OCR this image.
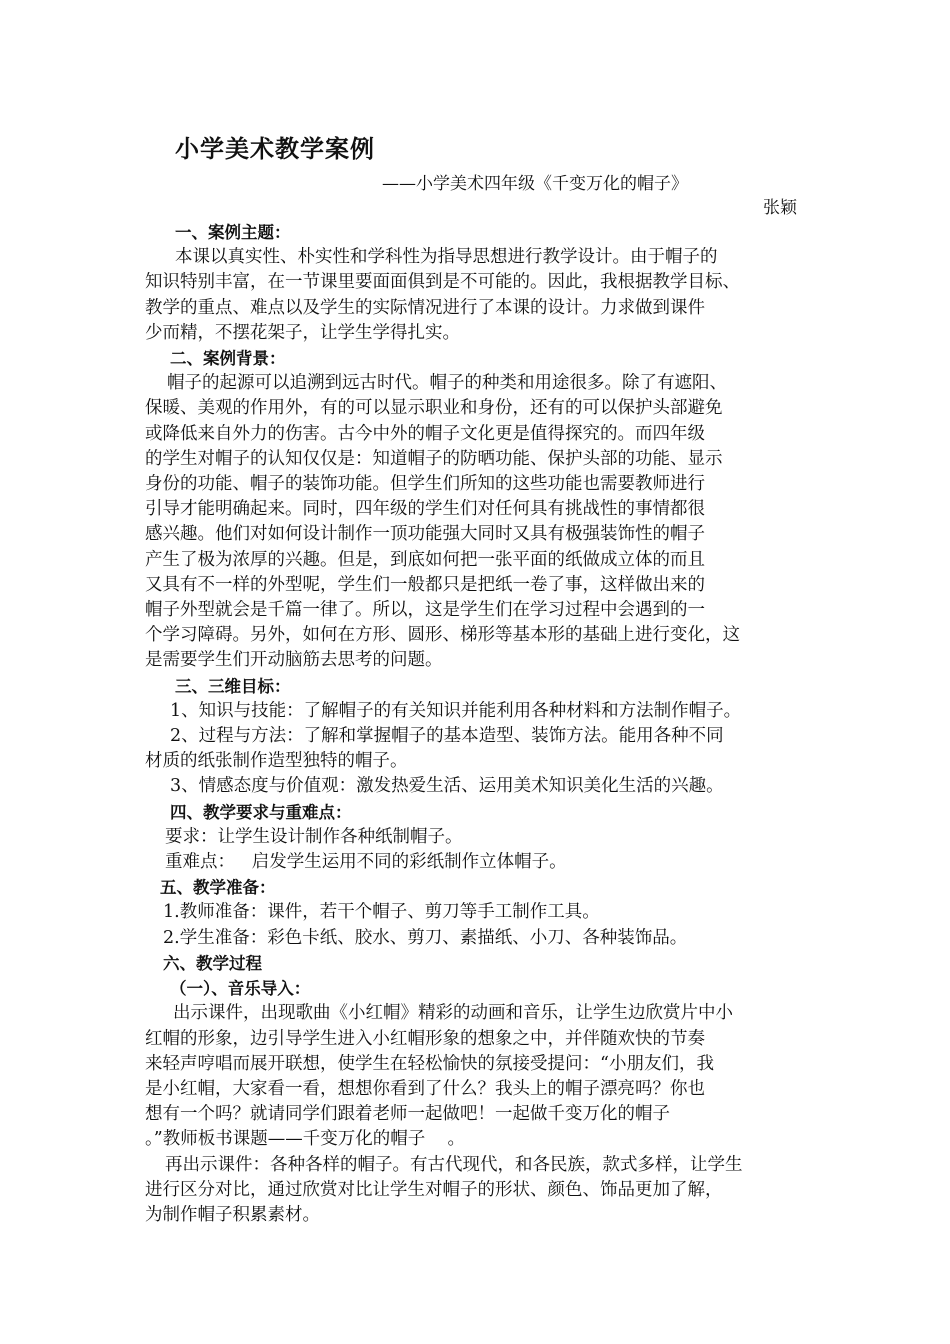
小学美术教学案例
——小学美术四年级《千变万化的帽子》
张颖
一、案例主题：
本课以真实性、朴实性和学科性为指导思想进行教学设计。由于帽子的
知识特别丰富，在一节课里要面面俱到是不可能的。因此，我根据教学目标、
教学的重点、难点以及学生的实际情况进行了本课的设计。力求做到课件
少而精，不摆花架子，让学生学得扎实。
二、案例背景：
帽子的起源可以追溯到远古时代。帽子的种类和用途很多。除了有遮阳、
保暖、美观的作用外，有的可以显示职业和身份，还有的可以保护头部避免
或降低来自外力的伤害。古今中外的帽子文化更是值得探究的。而四年级
的学生对帽子的认知仅仅是：知道帽子的防晒功能、保护头部的功能、显示
身份的功能、帽子的装饰功能。但学生们所知的这些功能也需要教师进行
引导才能明确起来。同时，四年级的学生们对任何具有挑战性的事情都很
感兴趣。他们对如何设计制作一顶功能强大同时又具有极强装饰性的帽子
产生了极为浓厚的兴趣。但是，到底如何把一张平面的纸做成立体的而且
又具有不一样的外型呢，学生们一般都只是把纸一卷了事，这样做出来的
帽子外型就会是千篇一律了。所以，这是学生们在学习过程中会遇到的一
个学习障碍。另外，如何在方形、圆形、梯形等基本形的基础上进行变化，这
是需要学生们开动脑筋去思考的问题。
三、三维目标：
1、知识与技能：了解帽子的有关知识并能利用各种材料和方法制作帽子。
2、过程与方法：了解和掌握帽子的基本造型、装饰方法。能用各种不同
材质的纸张制作造型独特的帽子。
3、情感态度与价值观：激发热爱生活、运用美术知识美化生活的兴趣。
四、教学要求与重难点：
要求：让学生设计制作各种纸制帽子。
重难点：   启发学生运用不同的彩纸制作立体帽子。
五、教学准备：
1.教师准备：课件，若干个帽子、剪刀等手工制作工具。
2.学生准备：彩色卡纸、胶水、剪刀、素描纸、小刀、各种装饰品。
六、教学过程
（一）、音乐导入：
出示课件，出现歌曲《小红帽》精彩的动画和音乐，让学生边欣赏片中小
红帽的形象，边引导学生进入小红帽形象的想象之中，并伴随欢快的节奏
来轻声哼唱而展开联想，使学生在轻松愉快的氛接受提问：“小朋友们，我
是小红帽，大家看一看，想想你看到了什么？我头上的帽子漂亮吗？你也
想有一个吗？就请同学们跟着老师一起做吧！一起做千变万化的帽子
。”教师板书课题——千变万化的帽子    。
再出示课件：各种各样的帽子。有古代现代，和各民族，款式多样，让学生
进行区分对比，通过欣赏对比让学生对帽子的形状、颜色、饰品更加了解，
为制作帽子积累素材。
